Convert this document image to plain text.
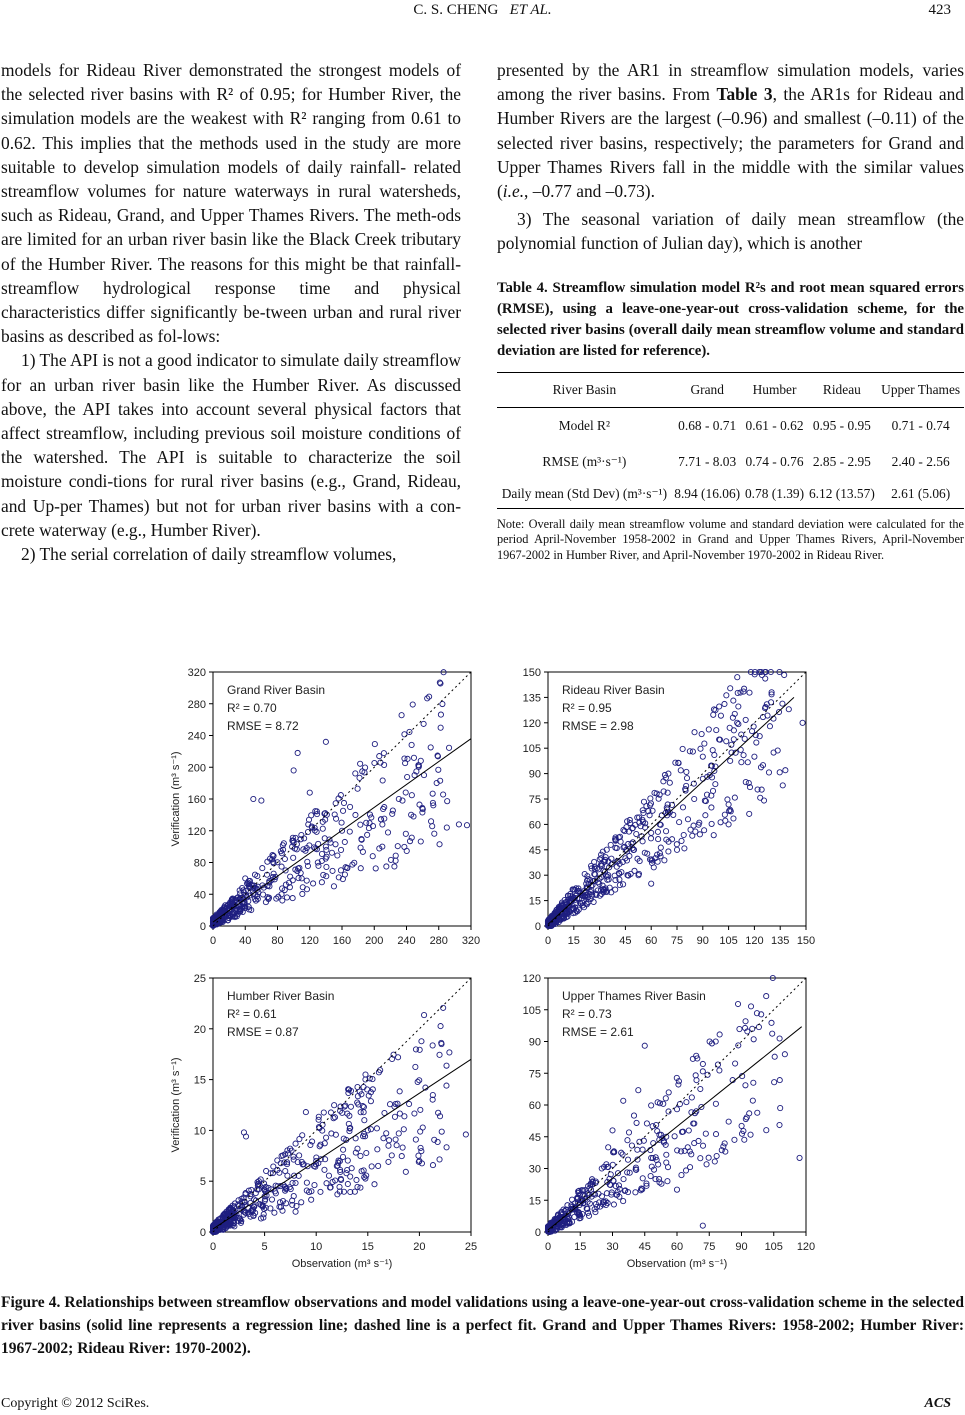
C. S. CHENG ET AL.	423

models for Rideau River demonstrated the strongest models of the selected river basins with R² of 0.95; for Humber River, the simulation models are the weakest with R² ranging from 0.61 to 0.62. This implies that the methods used in the study are more suitable to develop simulation models of daily rainfall- related streamflow volumes for nature waterways in rural watersheds, such as Rideau, Grand, and Upper Thames Rivers. The meth-ods are limited for an urban river basin like the Black Creek tributary of the Humber River. The reasons for this might be that rainfall-streamflow hydrological response time and physical characteristics differ significantly be-tween urban and rural river basins as described as fol-lows:

1) The API is not a good indicator to simulate daily streamflow for an urban river basin like the Humber River. As discussed above, the API takes into account several physical factors that affect streamflow, including previous soil moisture conditions of the watershed. The API is suitable to characterize the soil moisture condi-tions for rural river basins (e.g., Grand, Rideau, and Up-per Thames) but not for urban river basins with a con-crete waterway (e.g., Humber River).

2) The serial correlation of daily streamflow volumes,

presented by the AR1 in streamflow simulation models, varies among the river basins. From Table 3, the AR1s for Rideau and Humber Rivers are the largest (–0.96) and smallest (–0.11) of the selected river basins, respectively; the parameters for Grand and Upper Thames Rivers fall in the middle with the similar values (i.e., –0.77 and –0.73).

3) The seasonal variation of daily mean streamflow (the polynomial function of Julian day), which is another

Table 4. Streamflow simulation model R²s and root mean squared errors (RMSE), using a leave-one-year-out cross-validation scheme, for the selected river basins (overall daily mean streamflow volume and standard deviation are listed for reference).
River Basin	Grand	Humber	Rideau	Upper Thames
Model R²	0.68 - 0.71	0.61 - 0.62	0.95 - 0.95	0.71 - 0.74
RMSE (m³·s⁻¹)	7.71 - 8.03	0.74 - 0.76	2.85 - 2.95	2.40 - 2.56
Daily mean (Std Dev) (m³·s⁻¹)	8.94 (16.06)	0.78 (1.39)	6.12 (13.57)	2.61 (5.06)
Note: Overall daily mean streamflow volume and standard deviation were calculated for the period April-November 1958-2002 in Grand and Upper Thames Rivers, April-November 1967-2002 in Humber River, and April-November 1970-2002 in Rideau River.
0 40 80 120 160 200 240 280 320
0
40
80
120
160
200
240
280
320
Grand River Basin
R² = 0.70
RMSE = 8.72
Verification (m³ s⁻¹)
0 15 30 45 60 75 90 105 120 135 150
0
15
30
45
60
75
90
105
120
135
150
Rideau River Basin
R² = 0.95
RMSE = 2.98
0	5	10	15	20	25
0
5
10
15
20
25
Humber River Basin
R² = 0.61
RMSE = 0.87
Verification (m³ s⁻¹)
Observation (m³ s⁻¹)
0 15 30 45 60 75 90 105 120
0
15
30
45
60
75
90
105
120
Upper Thames River Basin
R² = 0.73
RMSE = 2.61
Observation (m³ s⁻¹)
Figure 4. Relationships between streamflow observations and model validations using a leave-one-year-out cross-validation scheme in the selected river basins (solid line represents a regression line; dashed line is a perfect fit. Grand and Upper Thames Rivers: 1958-2002; Humber River: 1967-2002; Rideau River: 1970-2002).
Copyright © 2012 SciRes.	ACS
